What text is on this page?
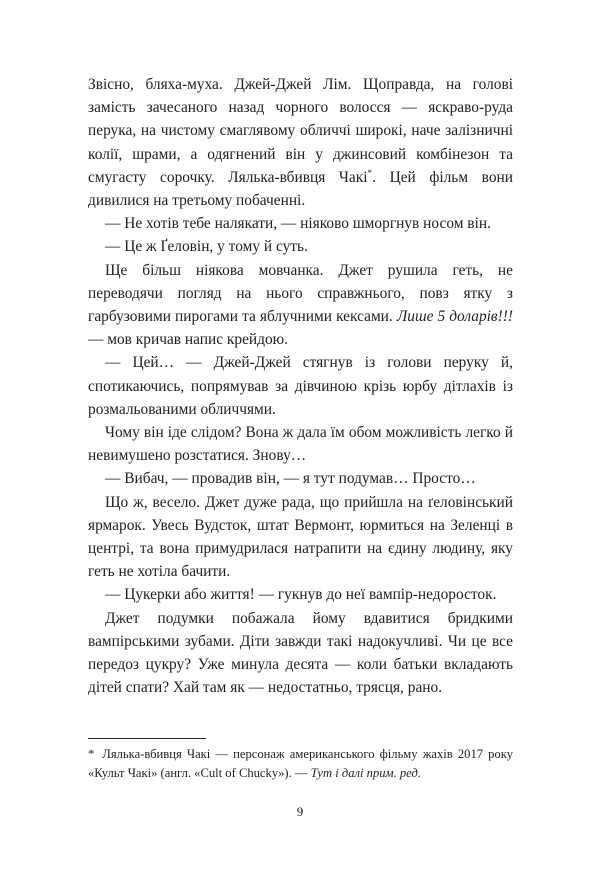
Звісно, бляха-муха. Джей-Джей Лім. Щоправда, на голові замість зачесаного назад чорного волосся — яскраво-руда перука, на чистому смаглявому обличчі широкі, наче залізничні колії, шрами, а одягнений він у джинсовий комбінезон та смугасту сорочку. Лялька-вбивця Чакі*. Цей фільм вони дивилися на третьому побаченні.

— Не хотів тебе налякати, — ніяково шморгнув носом він.

— Це ж Ґеловін, у тому й суть.

Ще більш ніякова мовчанка. Джет рушила геть, не переводячи погляд на нього справжнього, повз ятку з гарбузовими пирогами та яблучними кексами. Лише 5 доларів!!! — мов кричав напис крейдою.

— Цей… — Джей-Джей стягнув із голови перуку й, спотикаючись, попрямував за дівчиною крізь юрбу дітлахів із розмальованими обличчями.

Чому він іде слідом? Вона ж дала їм обом можливість легко й невимушено розстатися. Знову…

— Вибач, — провадив він, — я тут подумав… Просто…

Що ж, весело. Джет дуже рада, що прийшла на ґеловінський ярмарок. Увесь Вудсток, штат Вермонт, юрмиться на Зеленці в центрі, та вона примудрилася натрапити на єдину людину, яку геть не хотіла бачити.

— Цукерки або життя! — гукнув до неї вампір-недоросток.

Джет подумки побажала йому вдавитися бридкими вампірськими зубами. Діти завжди такі надокучливі. Чи це все передоз цукру? Уже минула десята — коли батьки вкладають дітей спати? Хай там як — недостатньо, трясця, рано.

* Лялька-вбивця Чакі — персонаж американського фільму жахів 2017 року «Культ Чакі» (англ. «Cult of Chucky»). — Тут і далі прим. ред.
9
